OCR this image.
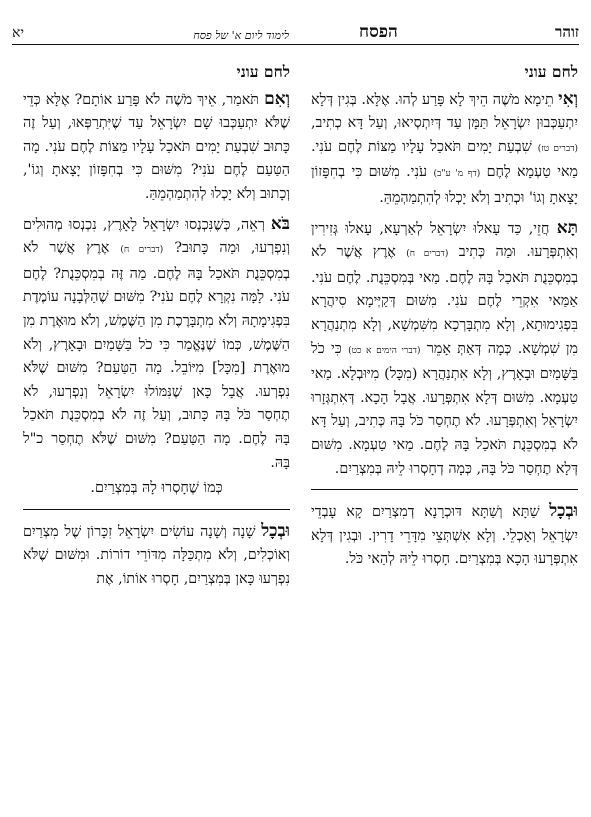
זוהר
הפסח
לימוד ליום א' של פסח
יא

לחם עוני

וְאִי תֵימָא מֹשֶׁה הֵיךְ לָא פָּרַע לְהוּ. אֶלָּא. בְּגִין דְּלָא יִתְעַכְּבוּן יִשְׂרָאֵל תַּמָּן עַד דְּיִתְסְיאוּ, וְעַל דָּא כְתִיב, (דברים טז) שִׁבְעַת יָמִים תֹּאכַל עָלָיו מַצּוֹת לֶחֶם עֹנִי. מַאי טַעְמָא לֶחֶם (דף מ' ע"ב) עֹנִי. מִשּׁוּם כִּי בְחִפָּזוֹן יָצָאתָ וְגוֹ' וּכְתִיב וְלֹא יָכְלוּ לְהִתְמַהְמֵהַּ.

תָּא חֲזֵי, כַּד עָאלוּ יִשְׂרָאֵל לְאַרְעָא, עָאלוּ גְּזִירִין וְאִתְפְּרָעוּ. וּמַה כְּתִיב (דברים ח) אֶרֶץ אֲשֶׁר לֹא בְמִסְכֵּנֻת תֹּאכַל בָּהּ לֶחֶם. מַאי בְּמִסְכֵּנֻת. לֶחֶם עֹנִי. אַמַּאי אִקְרֵי לֶחֶם עֹנִי. מִשּׁוּם דְּקַיְּימָא סִיהֲרָא בִּפְגִימוּתָא, וְלָא מִתְבָּרְכָא מִשִּׁמְשָׁא, וְלָא מִתְנַהֲרָא מִן שִׁמְשָׁא. כְּמָה דְּאַתְּ אָמֵר (דברי הימים א כט) כִּי כֹל בַּשָּׁמַיִם וּבָאָרֶץ, וְלָא אִתְנַהֲרָא (מִכָּל) מִיּוּבְלָא. מַאי טַעְמָא. מִשּׁוּם דְּלָא אִתְפְּרָעוּ. אֲבָל הָכָא. דְּאִתְגְּזָרוּ יִשְׂרָאֵל וְאִתְפְּרָעוּ. לֹא תֶחְסַר כֹּל בָּהּ כְּתִיב, וְעַל דָּא לֹא בְמִסְכֵּנֻת תֹּאכַל בָּהּ לֶחֶם. מַאי טַעְמָא. מִשּׁוּם דְּלָא תֶחְסַר כֹּל בָּהּ, כְּמָה דְחָסְרוּ לֵיהּ בְּמִצְרַיִם.

וּבְכָל שַׁתָּא וְשַׁתָּא דּוּכְרָנָא דְמִצְרַיִם קָא עָבְדֵי יִשְׂרָאֵל וְאָכְלֵי. וְלָא אִשְׁתְּצֵי מִדָּרֵי דָרִין. וּבְגִין דְּלָא אִתְפְּרָעוּ הָכָא בְּמִצְרַיִם. חָסְרוּ לֵיהּ לְהַאי כֹּל.

לחם עוני

וְאִם תֹּאמַר, אֵיךְ מֹשֶׁה לֹא פָּרַע אוֹתָם? אֶלָּא כְּדֵי שֶׁלֹּא יִתְעַכְּבוּ שָׁם יִשְׂרָאֵל עַד שֶׁיִּתְרַפְּאוּ, וְעַל זֶה כָּתוּב שִׁבְעַת יָמִים תֹּאכַל עָלָיו מַצּוֹת לֶחֶם עֹנִי. מָה הַטַּעַם לֶחֶם עֹנִי? מִשּׁוּם כִּי בְחִפָּזוֹן יָצָאתָ וְגוֹ', וְכָתוּב וְלֹא יָכְלוּ לְהִתְמַהְמֵהַּ.

בֹּא רְאֵה, כְּשֶׁנִּכְנְסוּ יִשְׂרָאֵל לָאָרֶץ, נִכְנְסוּ מְהוּלִים וְנִפְרְעוּ, וּמַה כָּתוּב? (דברים ח) אֶרֶץ אֲשֶׁר לֹא בְמִסְכֵּנֻת תֹּאכַל בָּהּ לֶחֶם. מַה זֶּה בְמִסְכֵּנֻת? לֶחֶם עֹנִי. לָמָּה נִקְרָא לֶחֶם עֹנִי? מִשּׁוּם שֶׁהַלְּבָנָה עוֹמֶדֶת בִּפְגִימָתָהּ וְלֹא מִתְבָּרֶכֶת מִן הַשֶּׁמֶשׁ, וְלֹא מוּאֶרֶת מִן הַשֶּׁמֶשׁ, כְּמוֹ שֶׁנֶּאֱמַר כִּי כֹל בַּשָּׁמַיִם וּבָאָרֶץ, וְלֹא מוּאֶרֶת [מִכָּל] מִיּוֹבֵל. מָה הַטַּעַם? מִשּׁוּם שֶׁלֹּא נִפְרְעוּ. אֲבָל כָּאן שֶׁנִּמּוֹלוּ יִשְׂרָאֵל וְנִפְרְעוּ, לֹא תֶחְסַר כֹּל בָּהּ כָּתוּב, וְעַל זֶה לֹא בְמִסְכֵּנֻת תֹּאכַל בָּהּ לֶחֶם. מָה הַטַּעַם? מִשּׁוּם שֶׁלֹּא תֶחְסַר כ"ל בָּהּ.

כְּמוֹ שֶׁחָסְרוּ לָהּ בְּמִצְרַיִם.

וּבְכָל שָׁנָה וְשָׁנָה עוֹשִׂים יִשְׂרָאֵל זִכָּרוֹן שֶׁל מִצְרַיִם וְאוֹכְלִים, וְלֹא מִתְכַּלָּה מִדּוֹרֵי דוֹרוֹת. וּמִשּׁוּם שֶׁלֹּא נִפְרְעוּ כָּאן בְּמִצְרַיִם, חָסְרוּ אוֹתוֹ, אֶת
